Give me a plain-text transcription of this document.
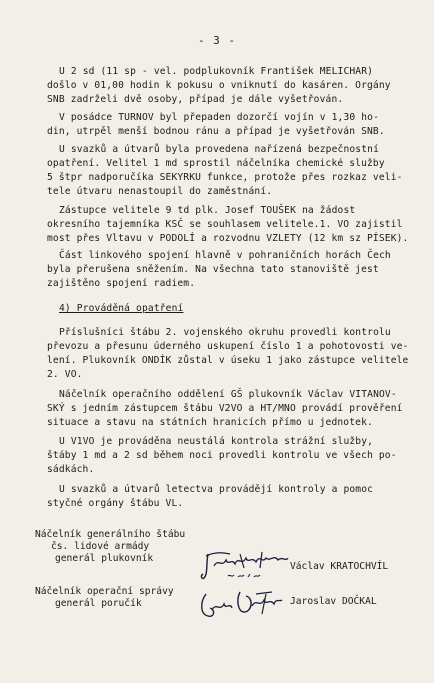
- 3 -
U 2 sd (11 sp - vel. podplukovník František MELICHAR)
došlo v 01,00 hodin k pokusu o vniknutí do kasáren. Orgány
SNB zadrželi dvě osoby, případ je dále vyšetřován.
V posádce TURNOV byl přepaden dozorčí vojín v 1,30 ho-
din, utrpěl menší bodnou ránu a případ je vyšetřován SNB.
U svazků a útvarů byla provedena nařízená bezpečnostní
opatření. Velitel 1 md sprostil náčelníka chemické služby
5 štpr nadporučíka SEKYRKU funkce, protože přes rozkaz veli-
tele útvaru nenastoupil do zaměstnání.
Zástupce velitele 9 td plk. Josef TOUŠEK na žádost
okresního tajemníka KSČ se souhlasem velitele.1. VO zajistil
most přes Vltavu v PODOLÍ a rozvodnu VZLETY (12 km sz PÍSEK).
Část linkového spojení hlavně v pohraničních horách Čech
byla přerušena sněžením. Na všechna tato stanoviště jest
zajištěno spojení radiem.
4) Prováděná opatření
Příslušníci štábu 2. vojenského okruhu provedli kontrolu
převozu a přesunu úderného uskupení číslo 1 a pohotovosti ve-
lení. Plukovník ONDÍK zůstal v úseku 1 jako zástupce velitele
2. VO.
Náčelník operačního oddělení GŠ plukovník Václav VITANOV-
SKÝ s jedním zástupcem štábu V2VO a HT/MNO provádí prověření
situace a stavu na státních hranicích přímo u jednotek.
U V1VO je prováděna neustálá kontrola strážní služby,
štáby 1 md a 2 sd během noci provedli kontrolu ve všech po-
sádkách.
U svazků a útvarů letectva provádějí kontroly a pomoc
styčné orgány štábu VL.
Náčelník generálního štábu
čs. lidové armády
generál plukovník
Václav KRATOCHVÍL
Náčelník operační správy
generál poručík	Jaroslav DOČKAL
